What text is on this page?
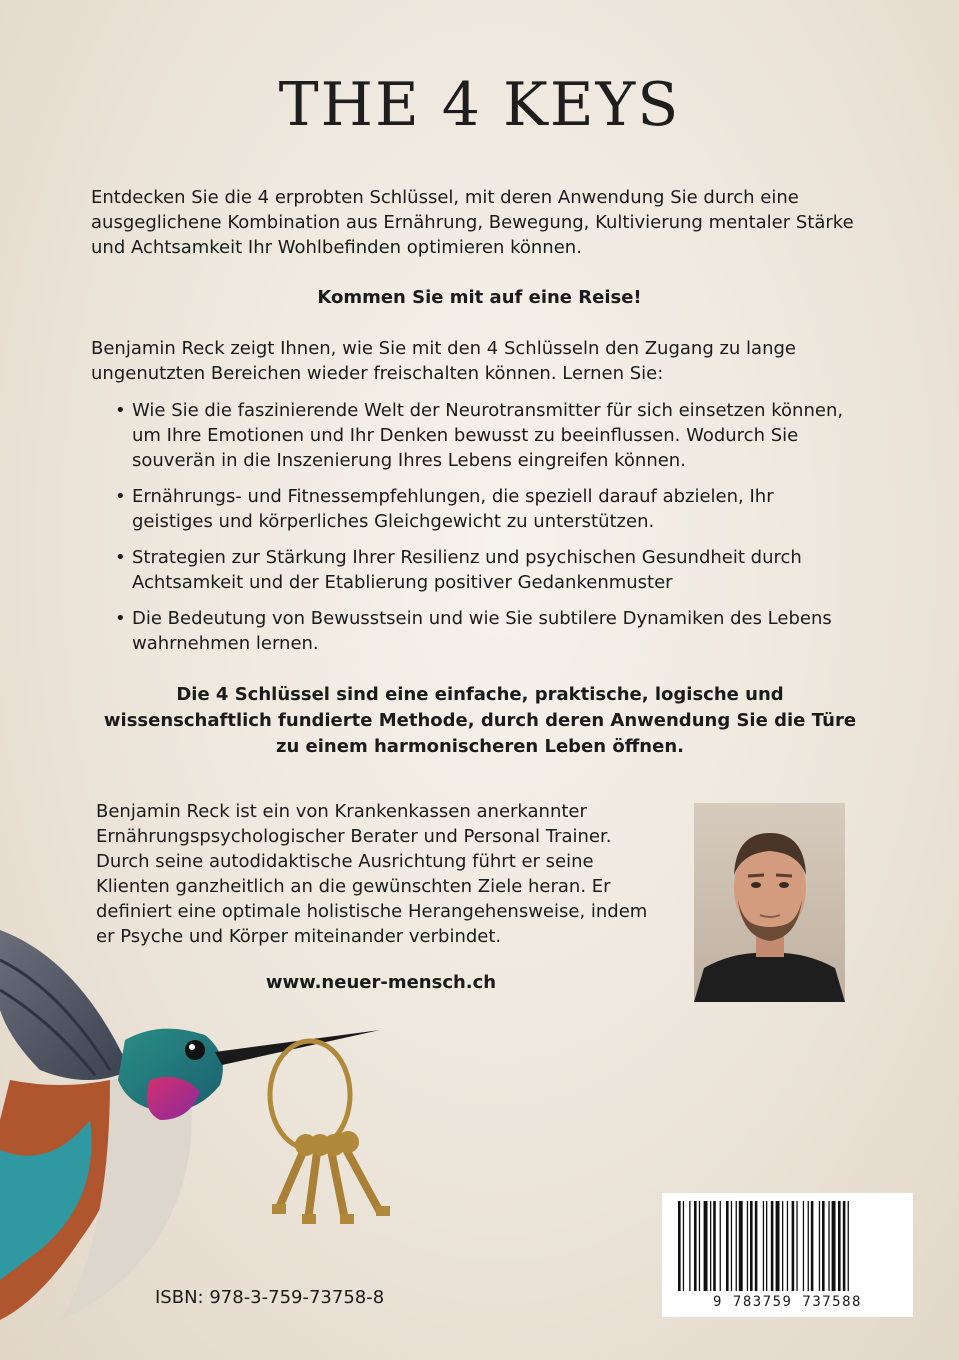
THE 4 KEYS
Entdecken Sie die 4 erprobten Schlüssel, mit deren Anwendung Sie durch eine ausgeglichene Kombination aus Ernährung, Bewegung, Kultivierung mentaler Stärke und Achtsamkeit Ihr Wohlbefinden optimieren können.
Kommen Sie mit auf eine Reise!
Benjamin Reck zeigt Ihnen, wie Sie mit den 4 Schlüsseln den Zugang zu lange ungenutzten Bereichen wieder freischalten können. Lernen Sie:
• Wie Sie die faszinierende Welt der Neurotransmitter für sich einsetzen können, um Ihre Emotionen und Ihr Denken bewusst zu beeinflussen. Wodurch Sie souverän in die Inszenierung Ihres Lebens eingreifen können.
• Ernährungs- und Fitnessempfehlungen, die speziell darauf abzielen, Ihr geistiges und körperliches Gleichgewicht zu unterstützen.
• Strategien zur Stärkung Ihrer Resilienz und psychischen Gesundheit durch Achtsamkeit und der Etablierung positiver Gedankenmuster
• Die Bedeutung von Bewusstsein und wie Sie subtilere Dynamiken des Lebens wahrnehmen lernen.
Die 4 Schlüssel sind eine einfache, praktische, logische und wissenschaftlich fundierte Methode, durch deren Anwendung Sie die Türe zu einem harmonischeren Leben öffnen.
Benjamin Reck ist ein von Krankenkassen anerkannter Ernährungspsychologischer Berater und Personal Trainer. Durch seine autodidaktische Ausrichtung führt er seine Klienten ganzheitlich an die gewünschten Ziele heran. Er definiert eine optimale holistische Herangehensweise, indem er Psyche und Körper miteinander verbindet.
www.neuer-mensch.ch
ISBN: 978-3-759-73758-8	9 783759 737588
